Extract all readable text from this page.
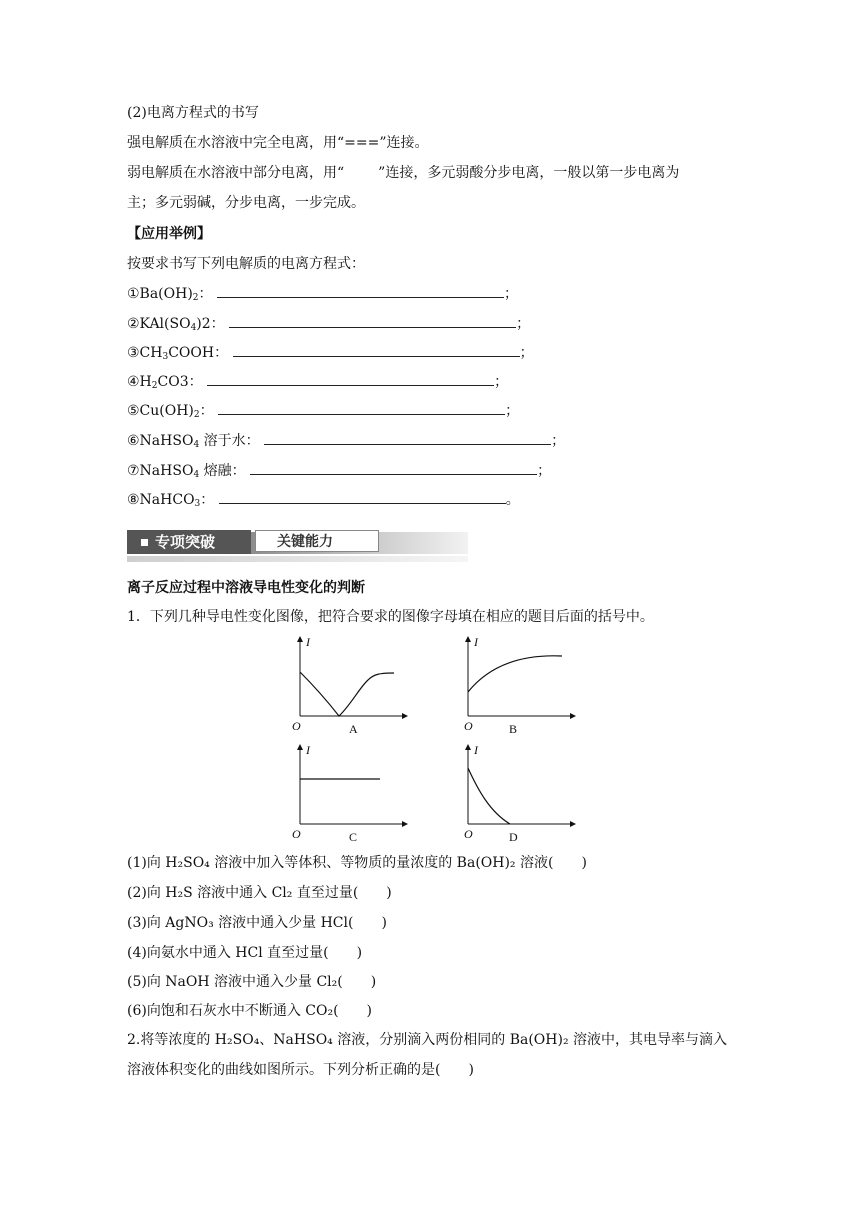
(2)电离方程式的书写
强电解质在水溶液中完全电离，用“===”连接。
弱电解质在水溶液中部分电离，用“ ”连接，多元弱酸分步电离，一般以第一步电离为
主；多元弱碱，分步电离，一步完成。
【应用举例】
按要求书写下列电解质的电离方程式：
$①Ba(OH)_2$：	；
$②KAl(SO_4)2$：	；
$③CH_3COOH$：	；
$④H_2CO3$：	；
$⑤Cu(OH)_2$：	；
⑥NaHSO$_4$ 溶于水：	；
⑦NaHSO$_4$ 熔融：	；
⑧NaHCO$_3$：	。
专项突破	关键能力
离子反应过程中溶液导电性变化的判断
1．下列几种导电性变化图像，把符合要求的图像字母填在相应的题目后面的括号中。
I
O	A
I
O	B
I
O	C
I
O	D
(1)向 H₂SO₄ 溶液中加入等体积、等物质的量浓度的 Ba(OH)₂ 溶液(　　)
(2)向 H₂S 溶液中通入 Cl₂ 直至过量(　　)
(3)向 AgNO₃ 溶液中通入少量 HCl(　　)
(4)向氨水中通入 HCl 直至过量(　　)
(5)向 NaOH 溶液中通入少量 Cl₂(　　)
(6)向饱和石灰水中不断通入 CO₂(　　)
2.将等浓度的 H₂SO₄、NaHSO₄ 溶液，分别滴入两份相同的 Ba(OH)₂ 溶液中，其电导率与滴入
溶液体积变化的曲线如图所示。下列分析正确的是(　　)
